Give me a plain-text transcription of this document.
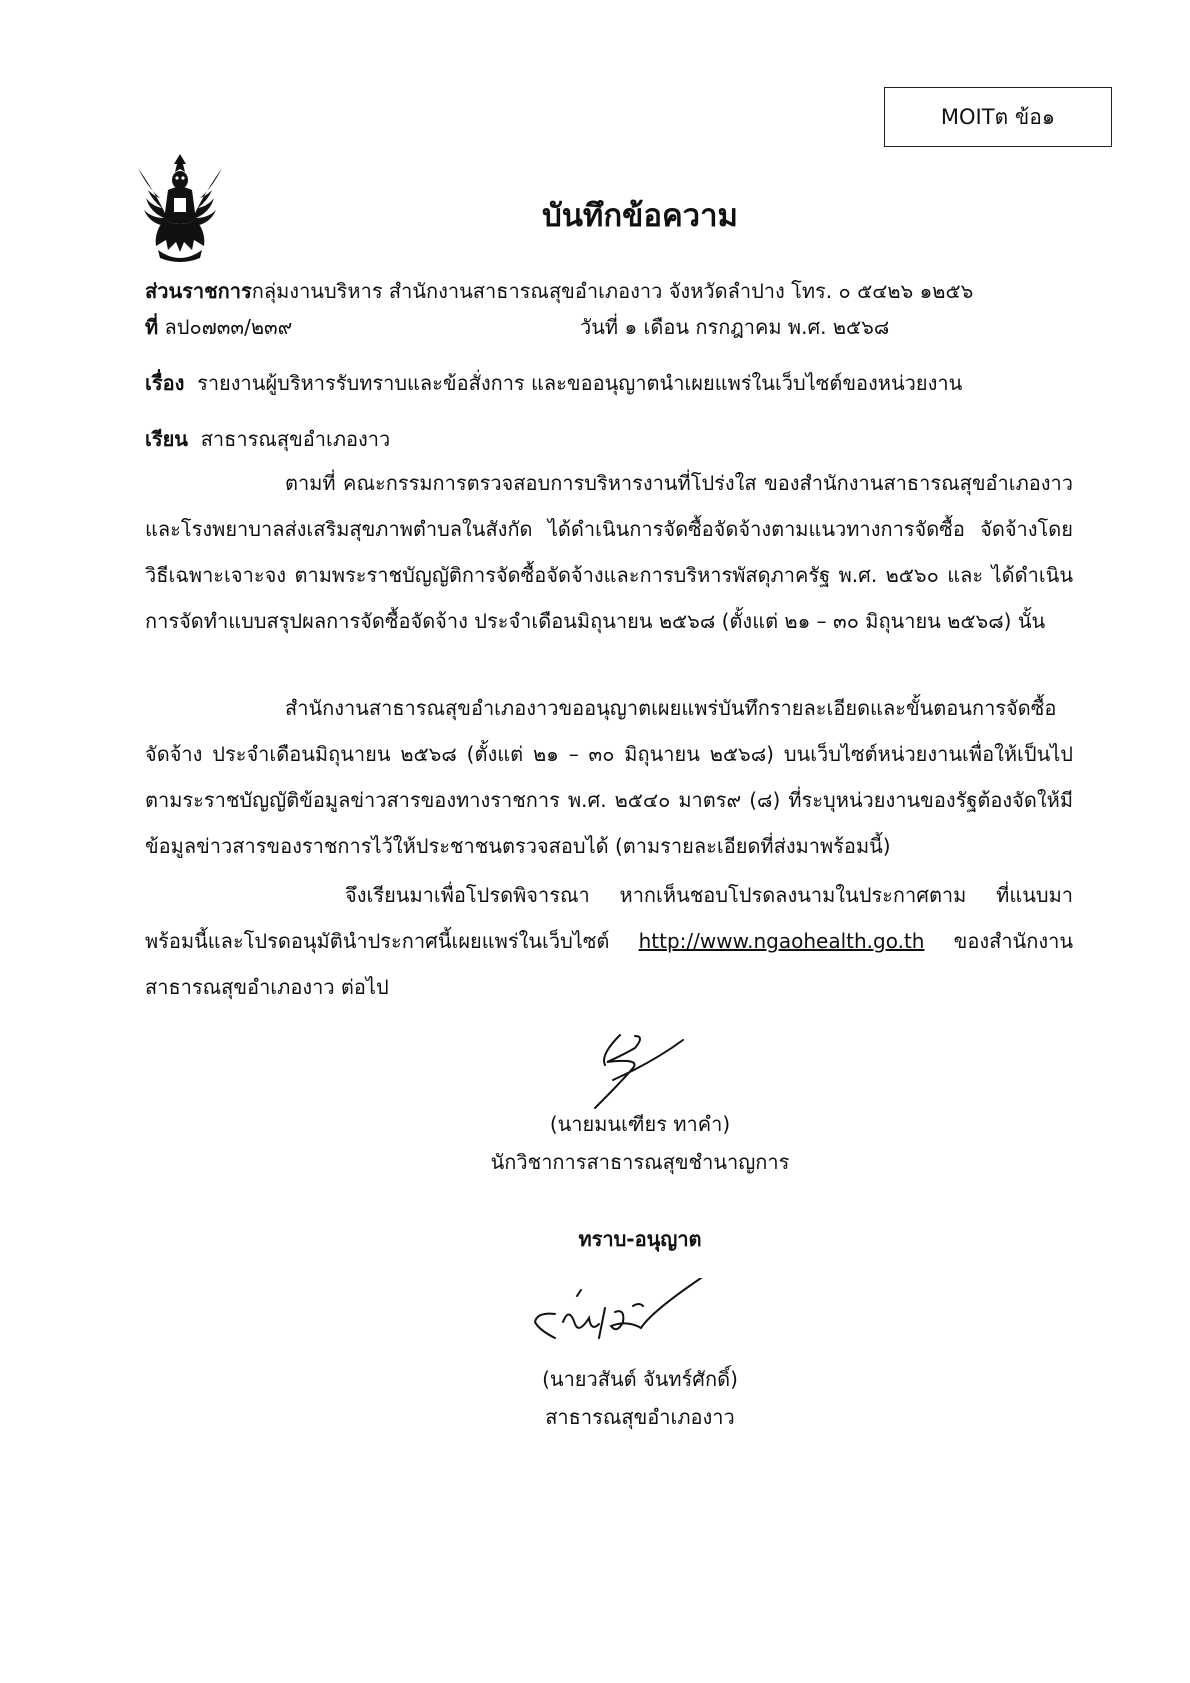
MOITต ข้อ๑
บันทึกข้อความ
ส่วนราชการกลุ่มงานบริหาร สำนักงานสาธารณสุขอำเภองาว จังหวัดลำปาง โทร. ๐ ๕๔๒๖ ๑๒๕๖
ที่ ลป๐๗๓๓/๒๓๙	วันที่ ๑ เดือน กรกฎาคม พ.ศ. ๒๕๖๘
เรื่อง รายงานผู้บริหารรับทราบและข้อสั่งการ และขออนุญาตนำเผยแพร่ในเว็บไซต์ของหน่วยงาน
เรียน สาธารณสุขอำเภองาว
ตามที่ คณะกรรมการตรวจสอบการบริหารงานที่โปร่งใส ของสำนักงานสาธารณสุขอำเภองาว และโรงพยาบาลส่งเสริมสุขภาพตำบลในสังกัด ได้ดำเนินการจัดซื้อจัดจ้างตามแนวทางการจัดซื้อ จัดจ้างโดยวิธีเฉพาะเจาะจง ตามพระราชบัญญัติการจัดซื้อจัดจ้างและการบริหารพัสดุภาครัฐ พ.ศ. ๒๕๖๐ และ ได้ดำเนินการจัดทำแบบสรุปผลการจัดซื้อจัดจ้าง ประจำเดือนมิถุนายน ๒๕๖๘ (ตั้งแต่ ๒๑ – ๓๐ มิถุนายน ๒๕๖๘) นั้น
สำนักงานสาธารณสุขอำเภองาวขออนุญาตเผยแพร่บันทึกรายละเอียดและขั้นตอนการจัดซื้อจัดจ้าง ประจำเดือนมิถุนายน ๒๕๖๘ (ตั้งแต่ ๒๑ – ๓๐ มิถุนายน ๒๕๖๘) บนเว็บไซต์หน่วยงานเพื่อให้เป็นไปตามระราชบัญญัติข้อมูลข่าวสารของทางราชการ พ.ศ. ๒๕๔๐ มาตร๙ (๘) ที่ระบุหน่วยงานของรัฐต้องจัดให้มีข้อมูลข่าวสารของราชการไว้ให้ประชาชนตรวจสอบได้ (ตามรายละเอียดที่ส่งมาพร้อมนี้)
จึงเรียนมาเพื่อโปรดพิจารณา หากเห็นชอบโปรดลงนามในประกาศตาม ที่แนบมาพร้อมนี้และโปรดอนุมัตินำประกาศนี้เผยแพร่ในเว็บไซต์ http://www.ngaohealth.go.th ของสำนักงานสาธารณสุขอำเภองาว ต่อไป
(นายมนเฑียร ทาคำ)
นักวิชาการสาธารณสุขชำนาญการ
ทราบ-อนุญาต
(นายวสันต์ จันทร์ศักดิ์)
สาธารณสุขอำเภองาว
